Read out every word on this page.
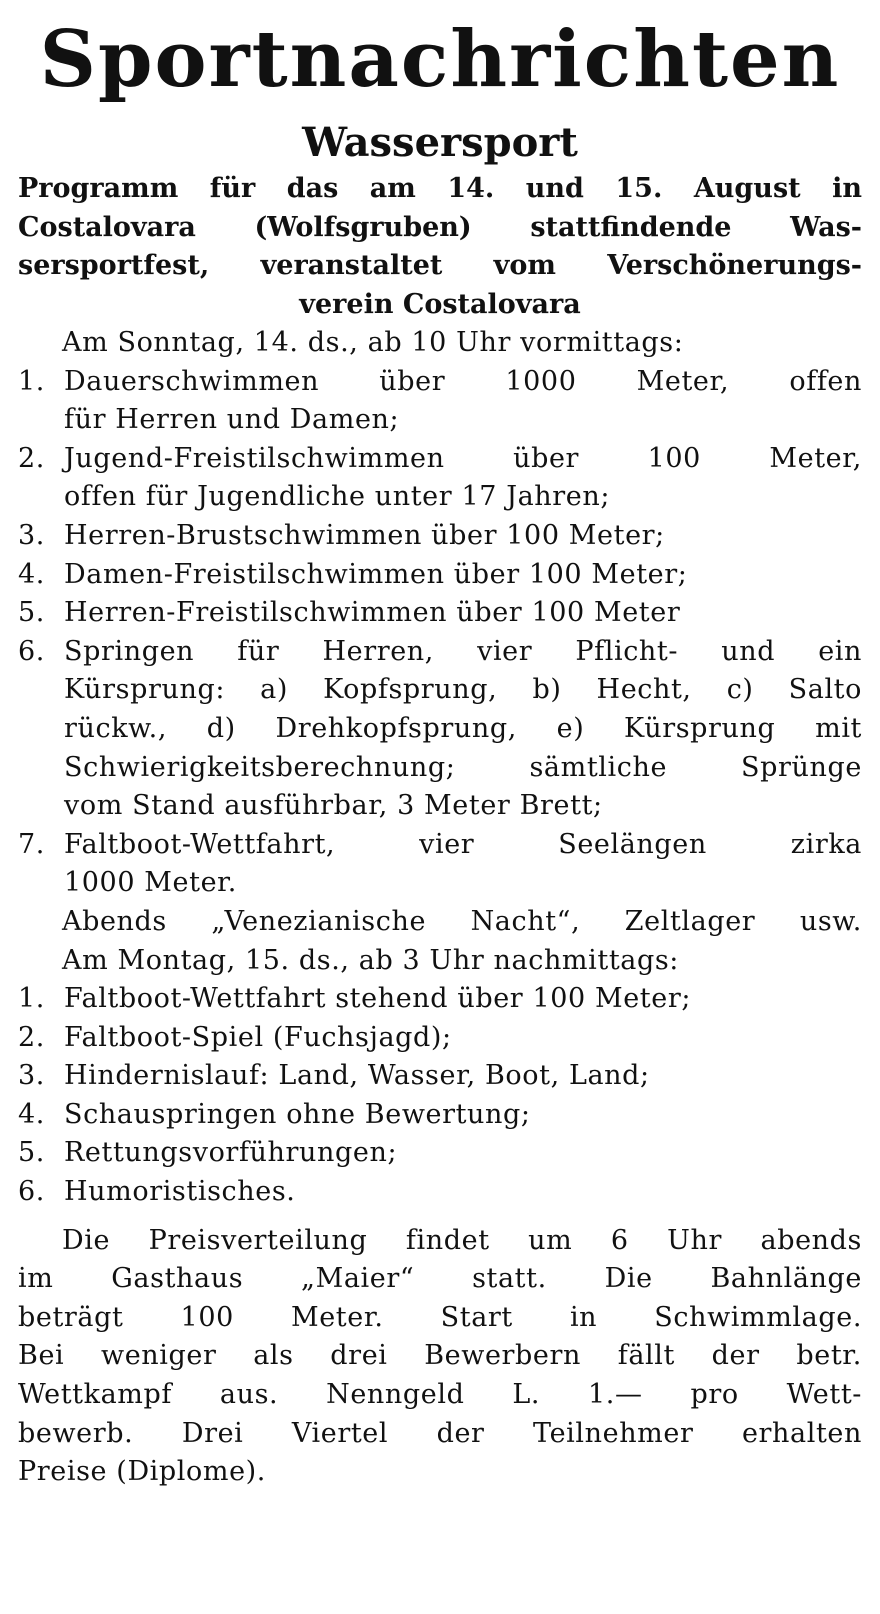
Sportnachrichten
Wassersport
Programm für das am 14. und 15. August in
Costalovara (Wolfsgruben) stattfindende Was-
sersportfest, veranstaltet vom Verschönerungs-
verein Costalovara
Am Sonntag, 14. ds., ab 10 Uhr vormittags:
1. Dauerschwimmen über 1000 Meter, offen
für Herren und Damen;
2. Jugend-Freistilschwimmen über 100 Meter,
offen für Jugendliche unter 17 Jahren;
3. Herren-Brustschwimmen über 100 Meter;
4. Damen-Freistilschwimmen über 100 Meter;
5. Herren-Freistilschwimmen über 100 Meter
6. Springen für Herren, vier Pflicht- und ein
Kürsprung: a) Kopfsprung, b) Hecht, c) Salto
rückw., d) Drehkopfsprung, e) Kürsprung mit
Schwierigkeitsberechnung; sämtliche Sprünge
vom Stand ausführbar, 3 Meter Brett;
7. Faltboot-Wettfahrt, vier Seelängen zirka
1000 Meter.
Abends „Venezianische Nacht“, Zeltlager usw.
Am Montag, 15. ds., ab 3 Uhr nachmittags:
1. Faltboot-Wettfahrt stehend über 100 Meter;
2. Faltboot-Spiel (Fuchsjagd);
3. Hindernislauf: Land, Wasser, Boot, Land;
4. Schauspringen ohne Bewertung;
5. Rettungsvorführungen;
6. Humoristisches.
Die Preisverteilung findet um 6 Uhr abends
im Gasthaus „Maier“ statt. Die Bahnlänge
beträgt 100 Meter. Start in Schwimmlage.
Bei weniger als drei Bewerbern fällt der betr.
Wettkampf aus. Nenngeld L. 1.— pro Wett-
bewerb. Drei Viertel der Teilnehmer erhalten
Preise (Diplome).
